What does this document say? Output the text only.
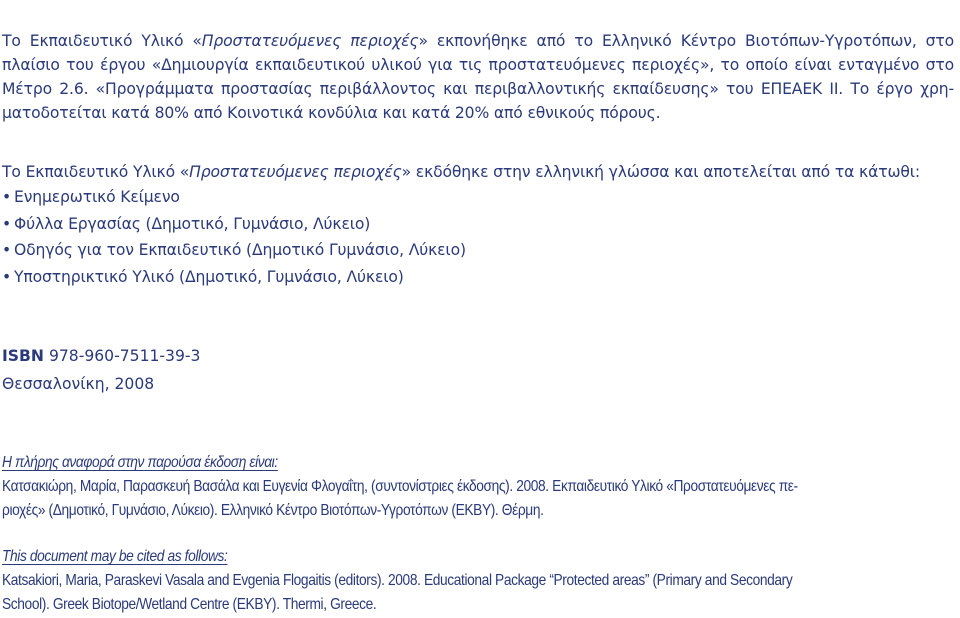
Το Εκπαιδευτικό Υλικό «Προστατευόμενες περιοχές» εκπονήθηκε από το Ελληνικό Κέντρο Βιοτόπων-Υγροτόπων, στο
πλαίσιο του έργου «Δημιουργία εκπαιδευτικού υλικού για τις προστατευόμενες περιοχές», το οποίο είναι ενταγμένο στο
Μέτρο 2.6. «Προγράμματα προστασίας περιβάλλοντος και περιβαλλοντικής εκπαίδευσης» του ΕΠΕΑΕΚ ΙΙ. Το έργο χρη-
ματοδοτείται κατά 80% από Κοινοτικά κονδύλια και κατά 20% από εθνικούς πόρους.

Το Εκπαιδευτικό Υλικό «Προστατευόμενες περιοχές» εκδόθηκε στην ελληνική γλώσσα και αποτελείται από τα κάτωθι:

• Ενημερωτικό Κείμενο
• Φύλλα Εργασίας (Δημοτικό, Γυμνάσιο, Λύκειο)
• Οδηγός για τον Εκπαιδευτικό (Δημοτικό Γυμνάσιο, Λύκειο)
• Υποστηρικτικό Υλικό (Δημοτικό, Γυμνάσιο, Λύκειο)
ISBN 978-960-7511-39-3
Θεσσαλονίκη, 2008
Η πλήρης αναφορά στην παρούσα έκδοση είναι:
Κατσακιώρη, Μαρία, Παρασκευή Βασάλα και Ευγενία Φλογαΐτη, (συντονίστριες έκδοσης). 2008. Εκπαιδευτικό Υλικό «Προστατευόμενες πε-
ριοχές» (Δημοτικό, Γυμνάσιο, Λύκειο). Ελληνικό Κέντρο Βιοτόπων-Υγροτόπων (ΕΚΒΥ). Θέρμη.
This document may be cited as follows:
Katsakiori, Maria, Paraskevi Vasala and Evgenia Flogaitis (editors). 2008. Educational Package “Protected areas” (Primary and Secondary
School). Greek Biotope/Wetland Centre (EKBY). Thermi, Greece.
